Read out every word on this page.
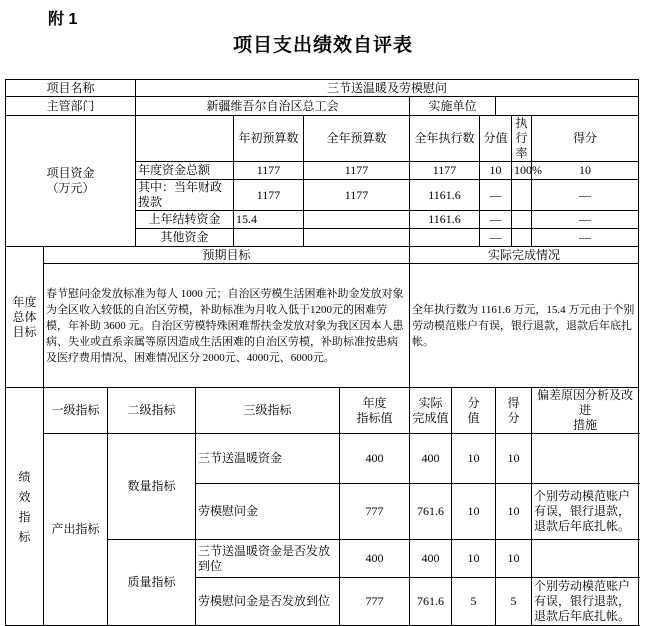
附 1
项目支出绩效自评表
项目名称			三节送温暖及劳模慰问										
主管部门			新疆维吾尔自治区总工会					实施单位					
项目资金
（万元）					年初预算数	全年预算数		全年执行数		分值		执行率	得分
			年度资金总额		1177	1177		1177		10		100%	10
			其中：当年财政拨款		1177	1177		1161.6		—			—
			上年结转资金		15.4			1161.6		—			—
			其他资金							—			—
年度
总体
目标	预期目标							实际完成情况					
	春节慰问金发放标准为每人 1000 元；自治区劳模生活困难补助金发放对象为全区收入较低的自治区劳模，补助标准为月收入低于1200元的困难劳模，年补助 3600 元。自治区劳模特殊困难帮扶金发放对象为我区因本人患病、失业或直系亲属等原因造成生活困难的自治区劳模，补助标准按患病及医疗费用情况、困难情况区分 2000元、4000元、6000元。							全年执行数为 1161.6 万元，15.4 万元由于个别劳动模范账户有误，银行退款，退款后年底扎帐。					
绩
效
指
标	一级指标	二级指标		三级指标			年度
指标值	实际
完成值	分
值		得
分		偏差原因分析及改进
措施
	产出指标	数量指标		三节送温暖资金			400	400	10		10		
				劳模慰问金			777	761.6	10		10		个别劳动模范账户有误，银行退款，退款后年底扎帐。
		质量指标		三节送温暖资金是否发放到位			400	400	10		10		
				劳模慰问金是否发放到位			777	761.6	5		5		个别劳动模范账户有误，银行退款，退款后年底扎帐。
